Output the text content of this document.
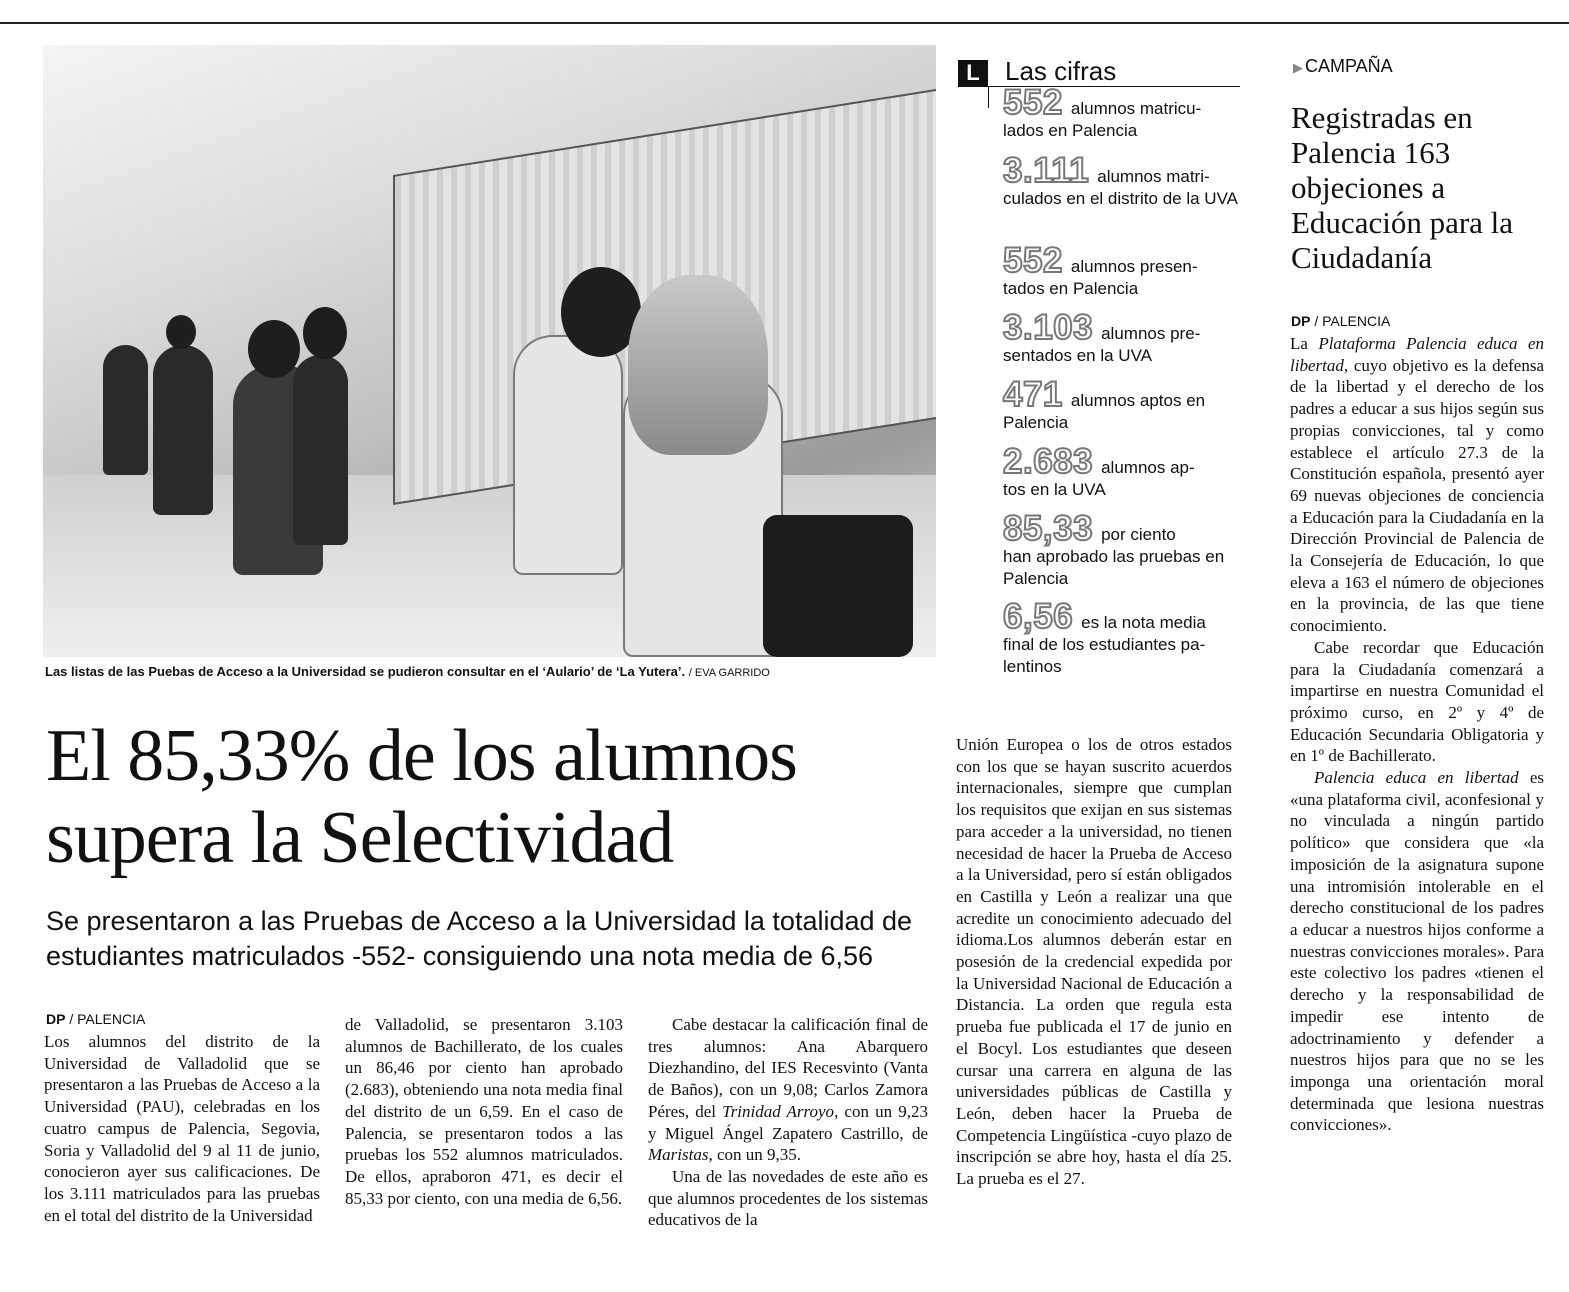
Las listas de las Puebas de Acceso a la Universidad se pudieron consultar en el ‘Aulario’ de ‘La Yutera’. / EVA GARRIDO
L Las cifras
552 alumnos matricu-
lados en Palencia
3.111 alumnos matri-
culados en el distrito de la UVA
552 alumnos presen-
tados en Palencia
3.103 alumnos pre-
sentados en la UVA
471 alumnos aptos en
Palencia
2.683 alumnos ap-
tos en la UVA
85,33 por ciento
han aprobado las pruebas en Palencia
6,56 es la nota media
final de los estudiantes pa-lentinos
▶ CAMPAÑA
Registradas en Palencia 163 objeciones a Educación para la Ciudadanía
DP / PALENCIA

La Plataforma Palencia educa en libertad, cuyo objetivo es la defensa de la libertad y el derecho de los padres a educar a sus hijos según sus propias convicciones, tal y como establece el artículo 27.3 de la Constitución española, presentó ayer 69 nuevas objeciones de conciencia a Educación para la Ciudadanía en la Dirección Provincial de Palencia de la Consejería de Educación, lo que eleva a 163 el número de objeciones en la provincia, de las que tiene conocimiento.

Cabe recordar que Educación para la Ciudadanía comenzará a impartirse en nuestra Comunidad el próximo curso, en 2º y 4º de Educación Secundaria Obligatoria y en 1º de Bachillerato.

Palencia educa en libertad es «una plataforma civil, aconfesional y no vinculada a ningún partido político» que considera que «la imposición de la asignatura supone una intromisión intolerable en el derecho constitucional de los padres a educar a nuestros hijos conforme a nuestras convicciones morales». Para este colectivo los padres «tienen el derecho y la responsabilidad de impedir ese intento de adoctrinamiento y defender a nuestros hijos para que no se les imponga una orientación moral determinada que lesiona nuestras convicciones».

El 85,33% de los alumnos
supera la Selectividad
Se presentaron a las Pruebas de Acceso a la Universidad la totalidad de
estudiantes matriculados -552- consiguiendo una nota media de 6,56
DP / PALENCIA
Los alumnos del distrito de la Universidad de Valladolid que se presentaron a las Pruebas de Acceso a la Universidad (PAU), celebradas en los cuatro campus de Palencia, Segovia, Soria y Valladolid del 9 al 11 de junio, conocieron ayer sus calificaciones. De los 3.111 matriculados para las pruebas en el total del distrito de la Universidad
de Valladolid, se presentaron 3.103 alumnos de Bachillerato, de los cuales un 86,46 por ciento han aprobado (2.683), obteniendo una nota media final del distrito de un 6,59. En el caso de Palencia, se presentaron todos a las pruebas los 552 alumnos matriculados. De ellos, apraboron 471, es decir el 85,33 por ciento, con una media de 6,56.

Cabe destacar la calificación final de tres alumnos: Ana Abarquero Diezhandino, del IES Recesvinto (Vanta de Baños), con un 9,08; Carlos Zamora Péres, del Trinidad Arroyo, con un 9,23 y Miguel Ángel Zapatero Castrillo, de Maristas, con un 9,35.

Una de las novedades de este año es que alumnos procedentes de los sistemas educativos de la

Unión Europea o los de otros estados con los que se hayan suscrito acuerdos internacionales, siempre que cumplan los requisitos que exijan en sus sistemas para acceder a la universidad, no tienen necesidad de hacer la Prueba de Acceso a la Universidad, pero sí están obligados en Castilla y León a realizar una que acredite un conocimiento adecuado del idioma.Los alumnos deberán estar en posesión de la credencial expedida por la Universidad Nacional de Educación a Distancia. La orden que regula esta prueba fue publicada el 17 de junio en el Bocyl. Los estudiantes que deseen cursar una carrera en alguna de las universidades públicas de Castilla y León, deben hacer la Prueba de Competencia Lingüística -cuyo plazo de inscripción se abre hoy, hasta el día 25. La prueba es el 27.
